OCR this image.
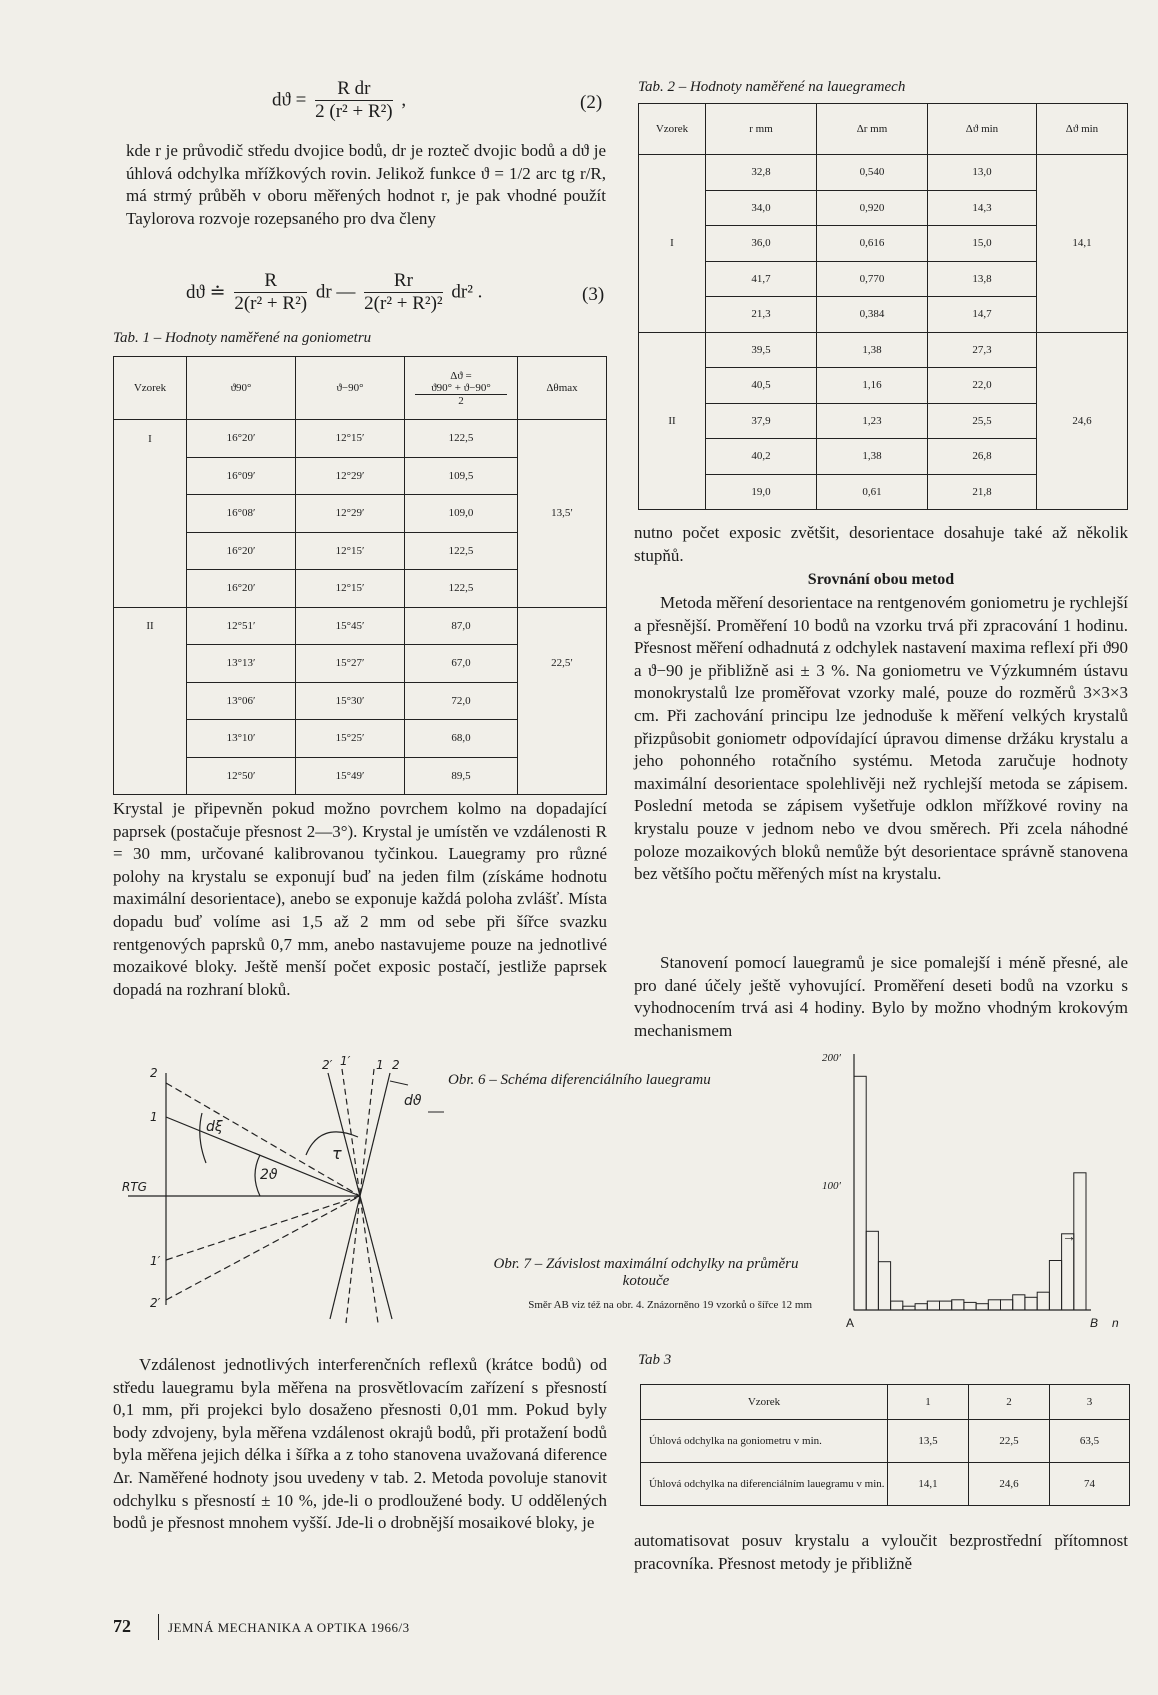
$dϑ = \frac{\text{R dr}}{\text{2 (r² + R²)}}$ ,	(2)

kde r je průvodič středu dvojice bodů, dr je rozteč dvojic bodů a dϑ je úhlová odchylka mřížkových rovin. Jelikož funkce ϑ = 1/2 arc tg r/R, má strmý průběh v oboru měřených hodnot r, je pak vhodné použít Taylorova rozvoje rozepsaného pro dva členy

dϑ ≐ $\frac{R}{\text{2(r² + R²)}}$ dr — $\frac{Rr}{\text{2(r² + R²)²}} dr^2$ .	(3)
Tab. 1 – Hodnoty naměřené na goniometru
Vzorek	ϑ90°	ϑ−90°	Δϑ =
ϑ90° + ϑ−90°
2	Δθmax
I	16°20′	12°15′	122,5	
	16°09′	12°29′	109,5	
	16°08′	12°29′	109,0	13,5′
	16°20′	12°15′	122,5	
	16°20′	12°15′	122,5	
II	12°51′	15°45′	87,0	
	13°13′	15°27′	67,0	22,5′
	13°06′	15°30′	72,0	
	13°10′	15°25′	68,0	
	12°50′	15°49′	89,5	

Krystal je připevněn pokud možno povrchem kolmo na dopadající paprsek (postačuje přesnost 2—3°). Krystal je umístěn ve vzdálenosti R = 30 mm, určované kalibrovanou tyčinkou. Lauegramy pro různé polohy na krystalu se exponují buď na jeden film (získáme hodnotu maximální desorientace), anebo se exponuje každá poloha zvlášť. Místa dopadu buď volíme asi 1,5 až 2 mm od sebe při šířce svazku rentgenových paprsků 0,7 mm, anebo nastavujeme pouze na jednotlivé mozaikové bloky. Ještě menší počet exposic postačí, jestliže paprsek dopadá na rozhraní bloků.

Tab. 2 – Hodnoty naměřené na lauegramech
Vzorek	r mm	Δr mm	Δϑ min	Δϑ min
	32,8	0,540	13,0	
	34,0	0,920	14,3	
I	36,0	0,616	15,0	14,1
	41,7	0,770	13,8	
	21,3	0,384	14,7	
	39,5	1,38	27,3	
	40,5	1,16	22,0	
II	37,9	1,23	25,5	24,6
	40,2	1,38	26,8	
	19,0	0,61	21,8	

nutno počet exposic zvětšit, desorientace dosahuje také až několik stupňů.

Srovnání obou metod

Metoda měření desorientace na rentgenovém goniometru je rychlejší a přesnější. Proměření 10 bodů na vzorku trvá při zpracování 1 hodinu. Přesnost měření odhadnutá z odchylek nastavení maxima reflexí při ϑ90 a ϑ−90 je přibližně asi ± 3 %. Na goniometru ve Výzkumném ústavu monokrystalů lze proměřovat vzorky malé, pouze do rozměrů 3×3×3 cm. Při zachování principu lze jednoduše k měření velkých krystalů přizpůsobit goniometr odpovídající úpravou dimense držáku krystalu a jeho pohonného rotačního systému. Metoda zaručuje hodnoty maximální desorientace spolehlivěji než rychlejší metoda se zápisem. Poslední metoda se zápisem vyšetřuje odklon mřížkové roviny na krystalu pouze v jednom nebo ve dvou směrech. Při zcela náhodné poloze mozaikových bloků nemůže být desorientace správně stanovena bez většího počtu měřených míst na krystalu.

Stanovení pomocí lauegramů je sice pomalejší i méně přesné, ale pro dané účely ještě vyhovující. Proměření deseti bodů na vzorku s vyhodnocením trvá asi 4 hodiny. Bylo by možno vhodným krokovým mechanismem

2
1
RTG
1′
2′
dξ
2ϑ
τ
2′ 1′ 1 2
dϑ
Obr. 6 – Schéma diferenciálního lauegramu
200′
100′
A	B n
→
Obr. 7 – Závislost maximální odchylky na průměru kotouče
Směr AB viz též na obr. 4. Znázorněno 19 vzorků o šířce 12 mm

Vzdálenost jednotlivých interferenčních reflexů (krátce bodů) od středu lauegramu byla měřena na prosvětlovacím zařízení s přesností 0,1 mm, při projekci bylo dosaženo přesnosti 0,01 mm. Pokud byly body zdvojeny, byla měřena vzdálenost okrajů bodů, při protažení bodů byla měřena jejich délka i šířka a z toho stanovena uvažovaná diference Δr. Naměřené hodnoty jsou uvedeny v tab. 2. Metoda povoluje stanovit odchylku s přesností ± 10 %, jde-li o prodloužené body. U oddělených bodů je přesnost mnohem vyšší. Jde-li o drobnější mosaikové bloky, je

Tab 3
Vzorek	1	2	3
Úhlová odchylka na goniometru v min.	13,5	22,5	63,5
Úhlová odchylka na diferenciálním lauegramu v min.	14,1	24,6	74

automatisovat posuv krystalu a vyloučit bezprostřední přítomnost pracovníka. Přesnost metody je přibližně

72	JEMNÁ MECHANIKA A OPTIKA 1966/3
